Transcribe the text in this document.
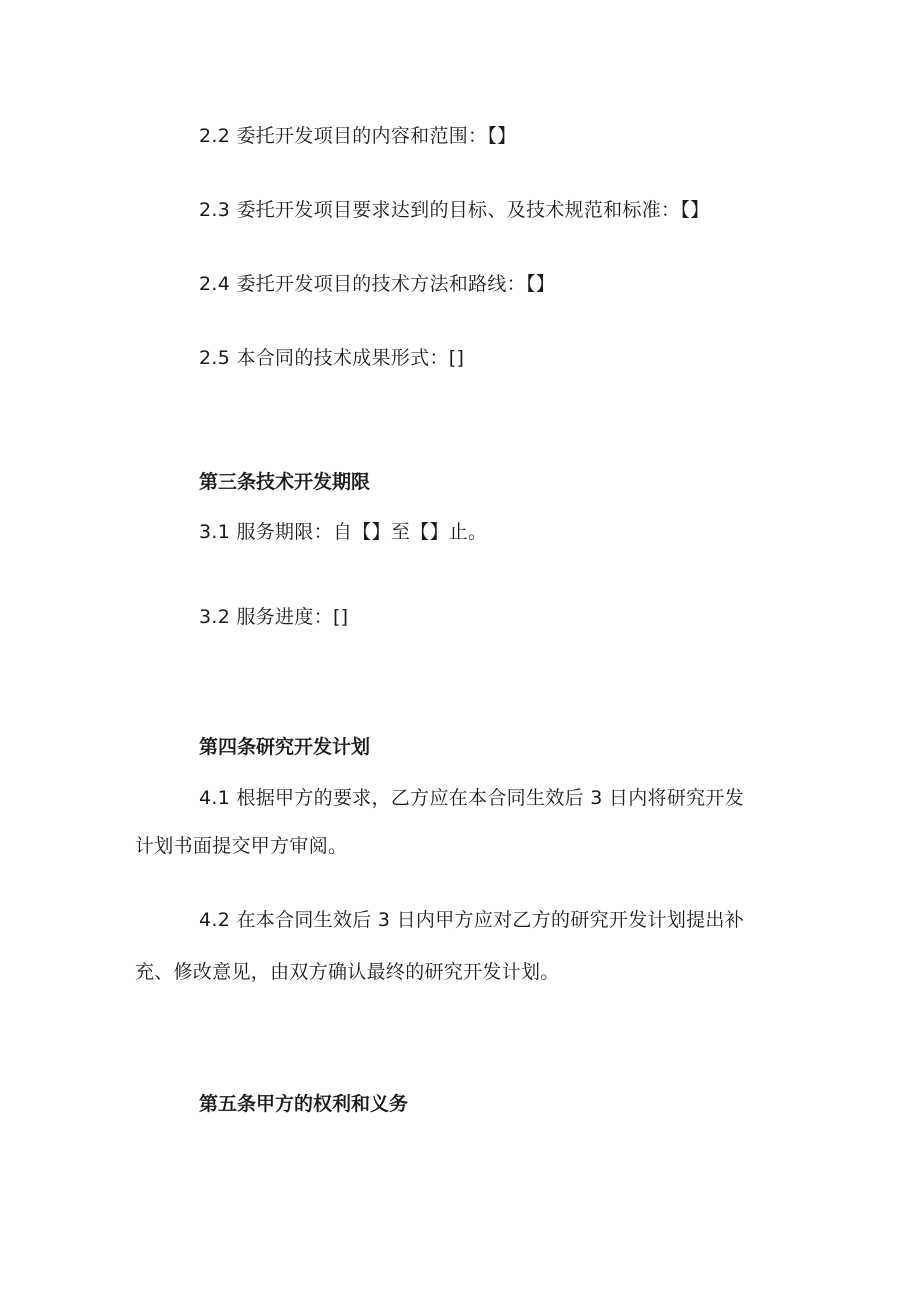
2.2 委托开发项目的内容和范围：【】
2.3 委托开发项目要求达到的目标、及技术规范和标准：【】
2.4 委托开发项目的技术方法和路线：【】
2.5 本合同的技术成果形式：[]
第三条技术开发期限
3.1 服务期限：自【】至【】止。
3.2 服务进度：[]
第四条研究开发计划
4.1 根据甲方的要求，乙方应在本合同生效后 3 日内将研究开发
计划书面提交甲方审阅。
4.2 在本合同生效后 3 日内甲方应对乙方的研究开发计划提出补
充、修改意见，由双方确认最终的研究开发计划。
第五条甲方的权利和义务
